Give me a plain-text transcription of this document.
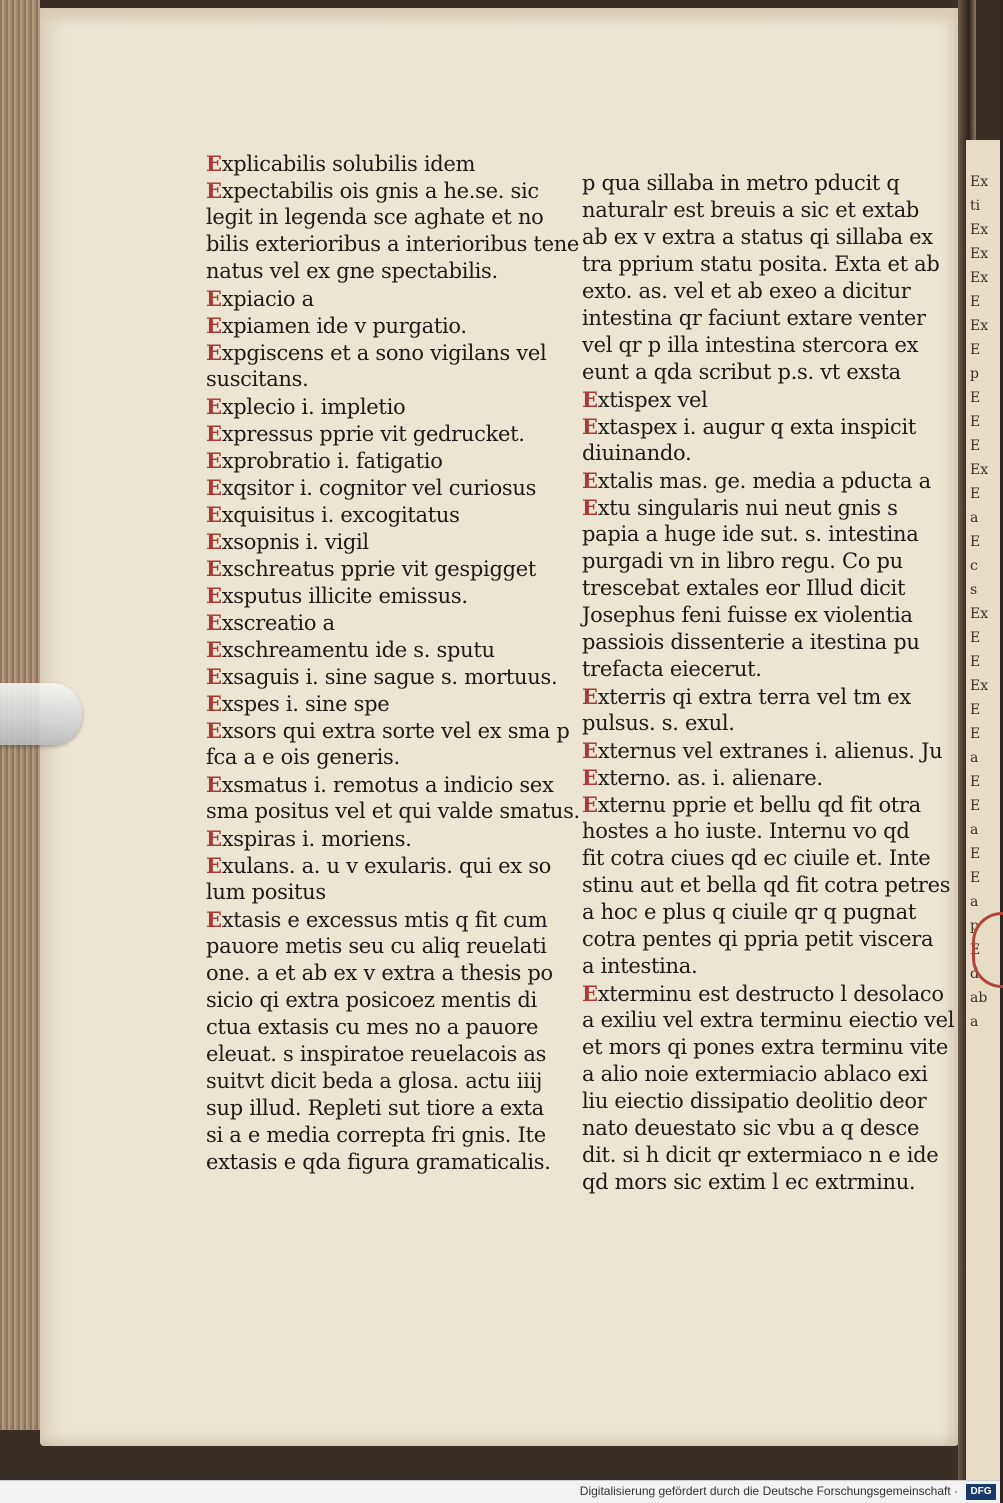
Explicabilis solubilis idem
Expectabilis ois gnis a he.se. sic
legit in legenda sce aghate et no
bilis exterioribus a interioribus tene
natus vel ex gne spectabilis.
Expiacio a
Expiamen ide v purgatio.
Expgiscens et a sono vigilans vel
suscitans.
Explecio i. impletio
Expressus pprie vit gedrucket.
Exprobratio i. fatigatio
Exqsitor i. cognitor vel curiosus
Exquisitus i. excogitatus
Exsopnis i. vigil
Exschreatus pprie vit gespigget
Exsputus illicite emissus.
Exscreatio a
Exschreamentu ide s. sputu
Exsaguis i. sine sague s. mortuus.
Exspes i. sine spe
Exsors qui extra sorte vel ex sma p
fca a e ois generis.
Exsmatus i. remotus a indicio sex
sma positus vel et qui valde smatus.
Exspiras i. moriens.
Exulans. a. u v exularis. qui ex so
lum positus
Extasis e excessus mtis q fit cum
pauore metis seu cu aliq reuelati
one. a et ab ex v extra a thesis po
sicio qi extra posicoez mentis di
ctua extasis cu mes no a pauore
eleuat. s inspiratoe reuelacois as
suitvt dicit beda a glosa. actu iiij
sup illud. Repleti sut tiore a exta
si a e media correpta fri gnis. Ite
extasis e qda figura gramaticalis.
p qua sillaba in metro pducit q
naturalr est breuis a sic et extab
ab ex v extra a status qi sillaba ex
tra pprium statu posita. Exta et ab
exto. as. vel et ab exeo a dicitur
intestina qr faciunt extare venter
vel qr p illa intestina stercora ex
eunt a qda scribut p.s. vt exsta
Extispex vel
Extaspex i. augur q exta inspicit
diuinando.
Extalis mas. ge. media a pducta a
Extu singularis nui neut gnis s
papia a huge ide sut. s. intestina
purgadi vn in libro regu. Co pu
trescebat extales eor Illud dicit
Josephus feni fuisse ex violentia
passiois dissenterie a itestina pu
trefacta eiecerut.
Exterris qi extra terra vel tm ex
pulsus. s. exul.
Externus vel extranes i. alienus. Ju
Externo. as. i. alienare.
Externu pprie et bellu qd fit otra
hostes a ho iuste. Internu vo qd
fit cotra ciues qd ec ciuile et. Inte
stinu aut et bella qd fit cotra petres
a hoc e plus q ciuile qr q pugnat
cotra pentes qi ppria petit viscera
a intestina.
Exterminu est destructo l desolaco
a exiliu vel extra terminu eiectio vel
et mors qi pones extra terminu vite
a alio noie extermiacio ablaco exi
liu eiectio dissipatio deolitio deor
nato deuestato sic vbu a q desce
dit. si h dicit qr extermiaco n e ide
qd mors sic extim l ec extrminu.
Ex
ti
Ex
Ex
Ex
E
Ex
E
p
E
E
E
Ex
E
a
E
c
s
Ex
E
E
Ex
E
E
a
E
E
a
E
E
a
p
E
d
ab
a
Digitalisierung gefördert durch die Deutsche Forschungsgemeinschaft ·	DFG
